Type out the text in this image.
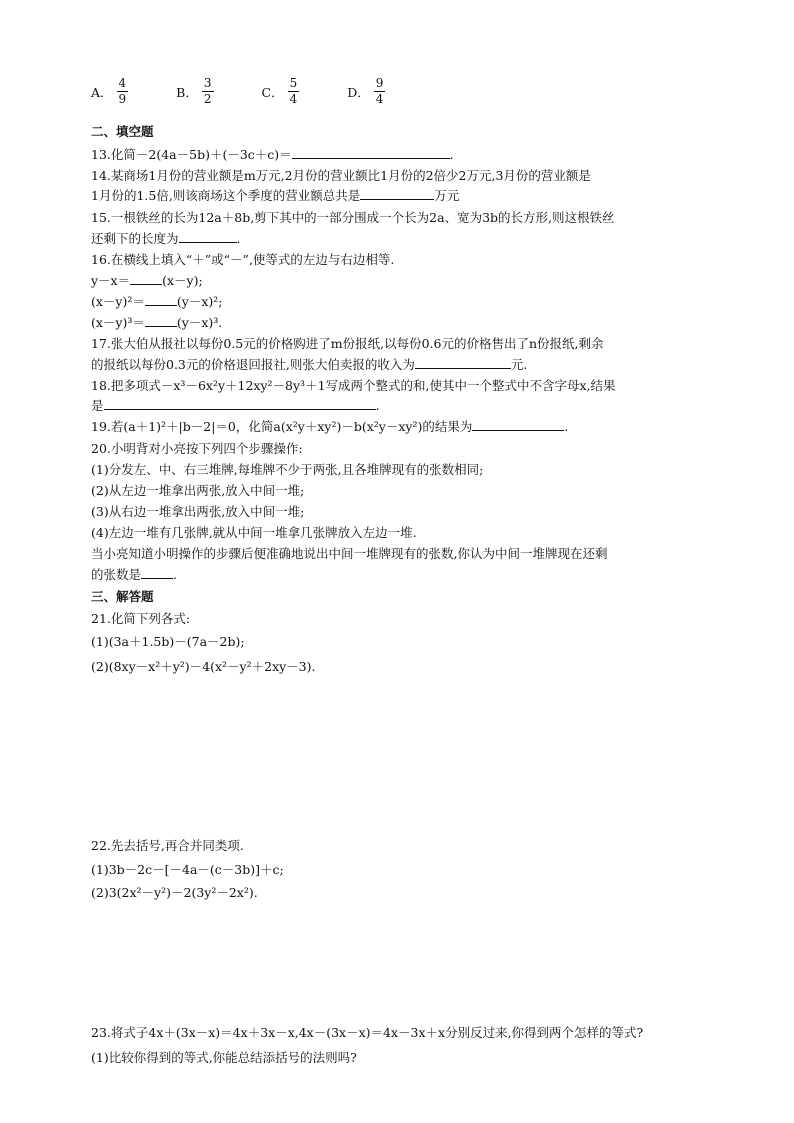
A． $\frac{4}{9}$	B． $\frac{3}{2}$	C． $\frac{5}{4}$	D． $\frac{9}{4}$
二、填空题
13.化简－2(4a－5b)＋(－3c＋c)＝	.
14.某商场1月份的营业额是m万元,2月份的营业额比1月份的2倍少2万元,3月份的营业额是
1月份的1.5倍,则该商场这个季度的营业额总共是	万元
15.一根铁丝的长为12a＋8b,剪下其中的一部分围成一个长为2a、宽为3b的长方形,则这根铁丝
还剩下的长度为	.
16.在横线上填入“＋”或“－”,使等式的左边与右边相等.
y－x＝	(x－y);
(x－y)²＝	(y－x)²;
(x－y)³＝	(y－x)³.
17.张大伯从报社以每份0.5元的价格购进了m份报纸,以每份0.6元的价格售出了n份报纸,剩余
的报纸以每份0.3元的价格退回报社,则张大伯卖报的收入为	元.
18.把多项式－x³－6x²y＋12xy²－8y³＋1写成两个整式的和,使其中一个整式中不含字母x,结果
是	.
19.若(a＋1)²＋|b－2|＝0，化简a(x²y＋xy²)－b(x²y－xy²)的结果为	.
20.小明背对小亮按下列四个步骤操作:
(1)分发左、中、右三堆牌,每堆牌不少于两张,且各堆牌现有的张数相同;
(2)从左边一堆拿出两张,放入中间一堆;
(3)从右边一堆拿出两张,放入中间一堆;
(4)左边一堆有几张牌,就从中间一堆拿几张牌放入左边一堆.
当小亮知道小明操作的步骤后便准确地说出中间一堆牌现有的张数,你认为中间一堆牌现在还剩
的张数是	.
三、解答题
21.化简下列各式:
(1)(3a＋1.5b)－(7a－2b);
(2)(8xy－x²＋y²)－4(x²－y²＋2xy－3).
22.先去括号,再合并同类项.
(1)3b－2c－[－4a－(c－3b)]＋c;
(2)3(2x²－y²)－2(3y²－2x²).
23.将式子4x＋(3x－x)＝4x＋3x－x,4x－(3x－x)＝4x－3x＋x分别反过来,你得到两个怎样的等式?
(1)比较你得到的等式,你能总结添括号的法则吗?
